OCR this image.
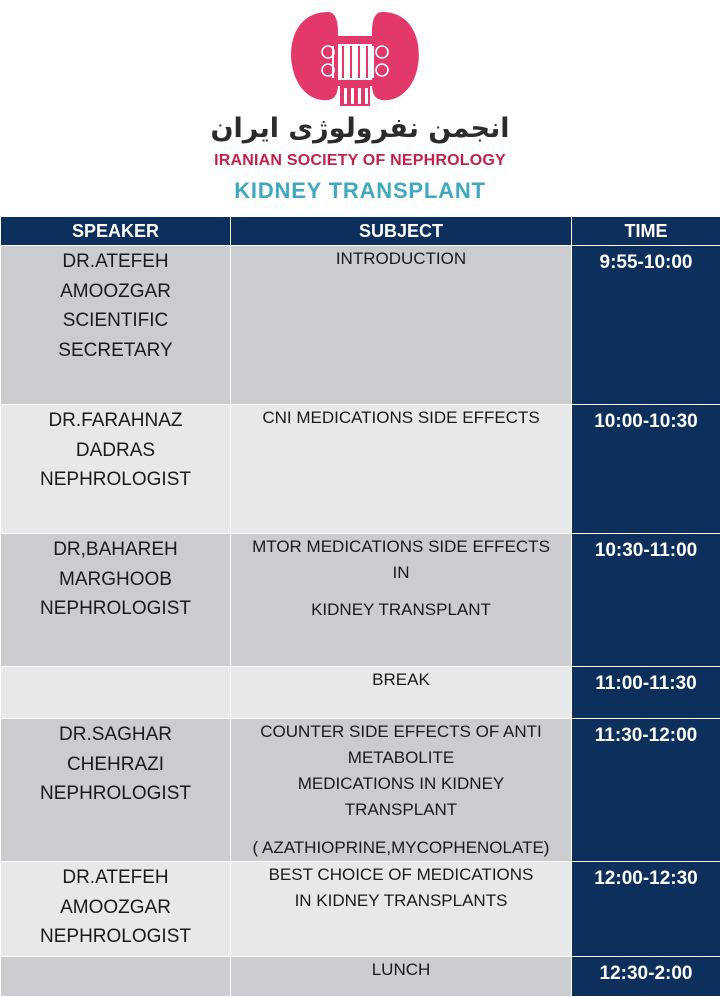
انجمن نفرولوژی ایران
IRANIAN SOCIETY OF NEPHROLOGY
KIDNEY TRANSPLANT
SPEAKER	SUBJECT	TIME

DR.ATEFEH
AMOOZGAR
SCIENTIFIC
SECRETARY	INTRODUCTION	9:55-10:00

DR.FARAHNAZ
DADRAS
NEPHROLOGIST	CNI MEDICATIONS SIDE EFFECTS	10:00-10:30

DR,BAHAREH
MARGHOOB
NEPHROLOGIST	MTOR MEDICATIONS SIDE EFFECTS
IN
KIDNEY TRANSPLANT	10:30-11:00

	BREAK	11:00-11:30

DR.SAGHAR
CHEHRAZI
NEPHROLOGIST	COUNTER SIDE EFFECTS OF ANTI
METABOLITE
MEDICATIONS IN KIDNEY
TRANSPLANT
( AZATHIOPRINE,MYCOPHENOLATE)	11:30-12:00

DR.ATEFEH
AMOOZGAR
NEPHROLOGIST	BEST CHOICE OF MEDICATIONS
IN KIDNEY TRANSPLANTS	12:00-12:30

	LUNCH	12:30-2:00
